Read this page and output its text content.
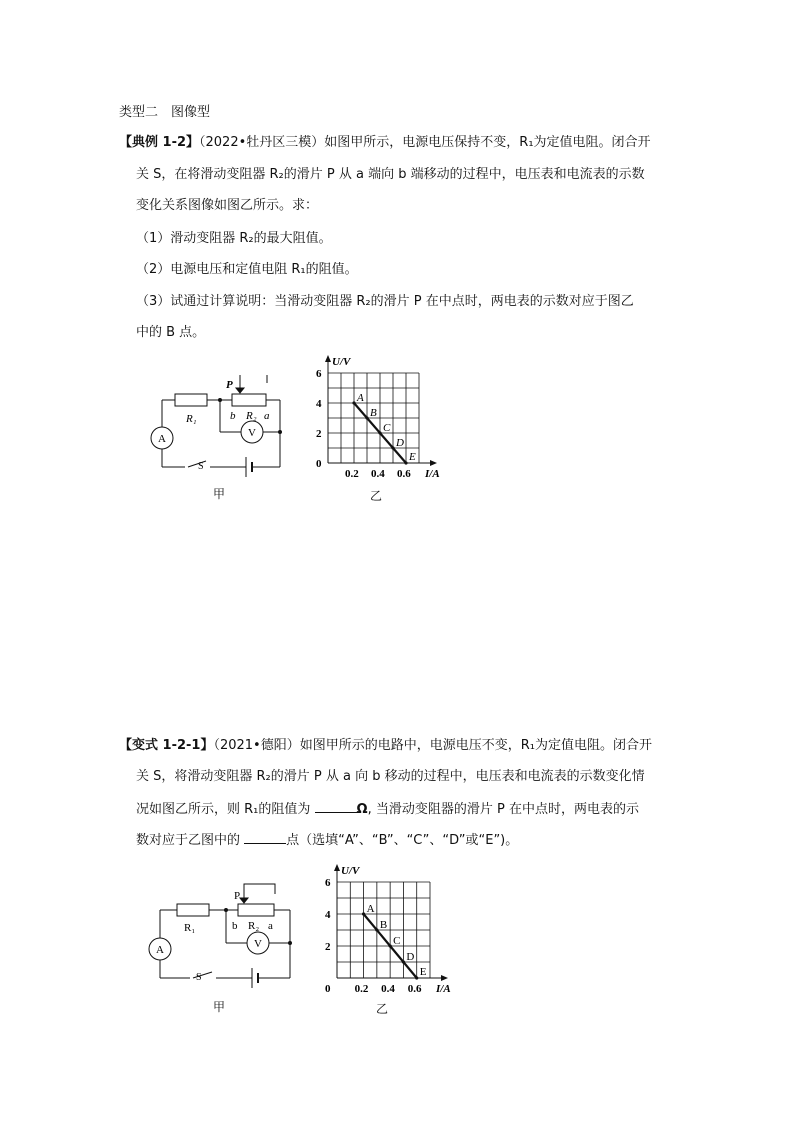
类型二　图像型
【典例 1-2】（2022•牡丹区三模）如图甲所示，电源电压保持不变，R₁为定值电阻。闭合开
关 S，在将滑动变阻器 R₂的滑片 P 从 a 端向 b 端移动的过程中，电压表和电流表的示数
变化关系图像如图乙所示。求：
（1）滑动变阻器 R₂的最大阻值。
（2）电源电压和定值电阻 R₁的阻值。
（3）试通过计算说明：当滑动变阻器 R₂的滑片 P 在中点时，两电表的示数对应于图乙
中的 B 点。
A	V
R₁
P
b R₂ a
S
甲
U/V
I/A
0.2 0.4 0.6
0
2
4
6
A
B
C
D
E
乙
【变式 1-2-1】（2021•德阳）如图甲所示的电路中，电源电压不变，R₁为定值电阻。闭合开
关 S，将滑动变阻器 R₂的滑片 P 从 a 向 b 移动的过程中，电压表和电流表的示数变化情
况如图乙所示，则 R₁的阻值为	Ω, 当滑动变阻器的滑片 P 在中点时，两电表的示
数对应于乙图中的	点（选填“A”、“B”、“C”、“D”或“E”)。
A	V
R₁
P
b R₂ a
S
甲
U/V
I/A
0 0.2 0.4 0.6
2
4
6
A
B
C
D
E
乙
